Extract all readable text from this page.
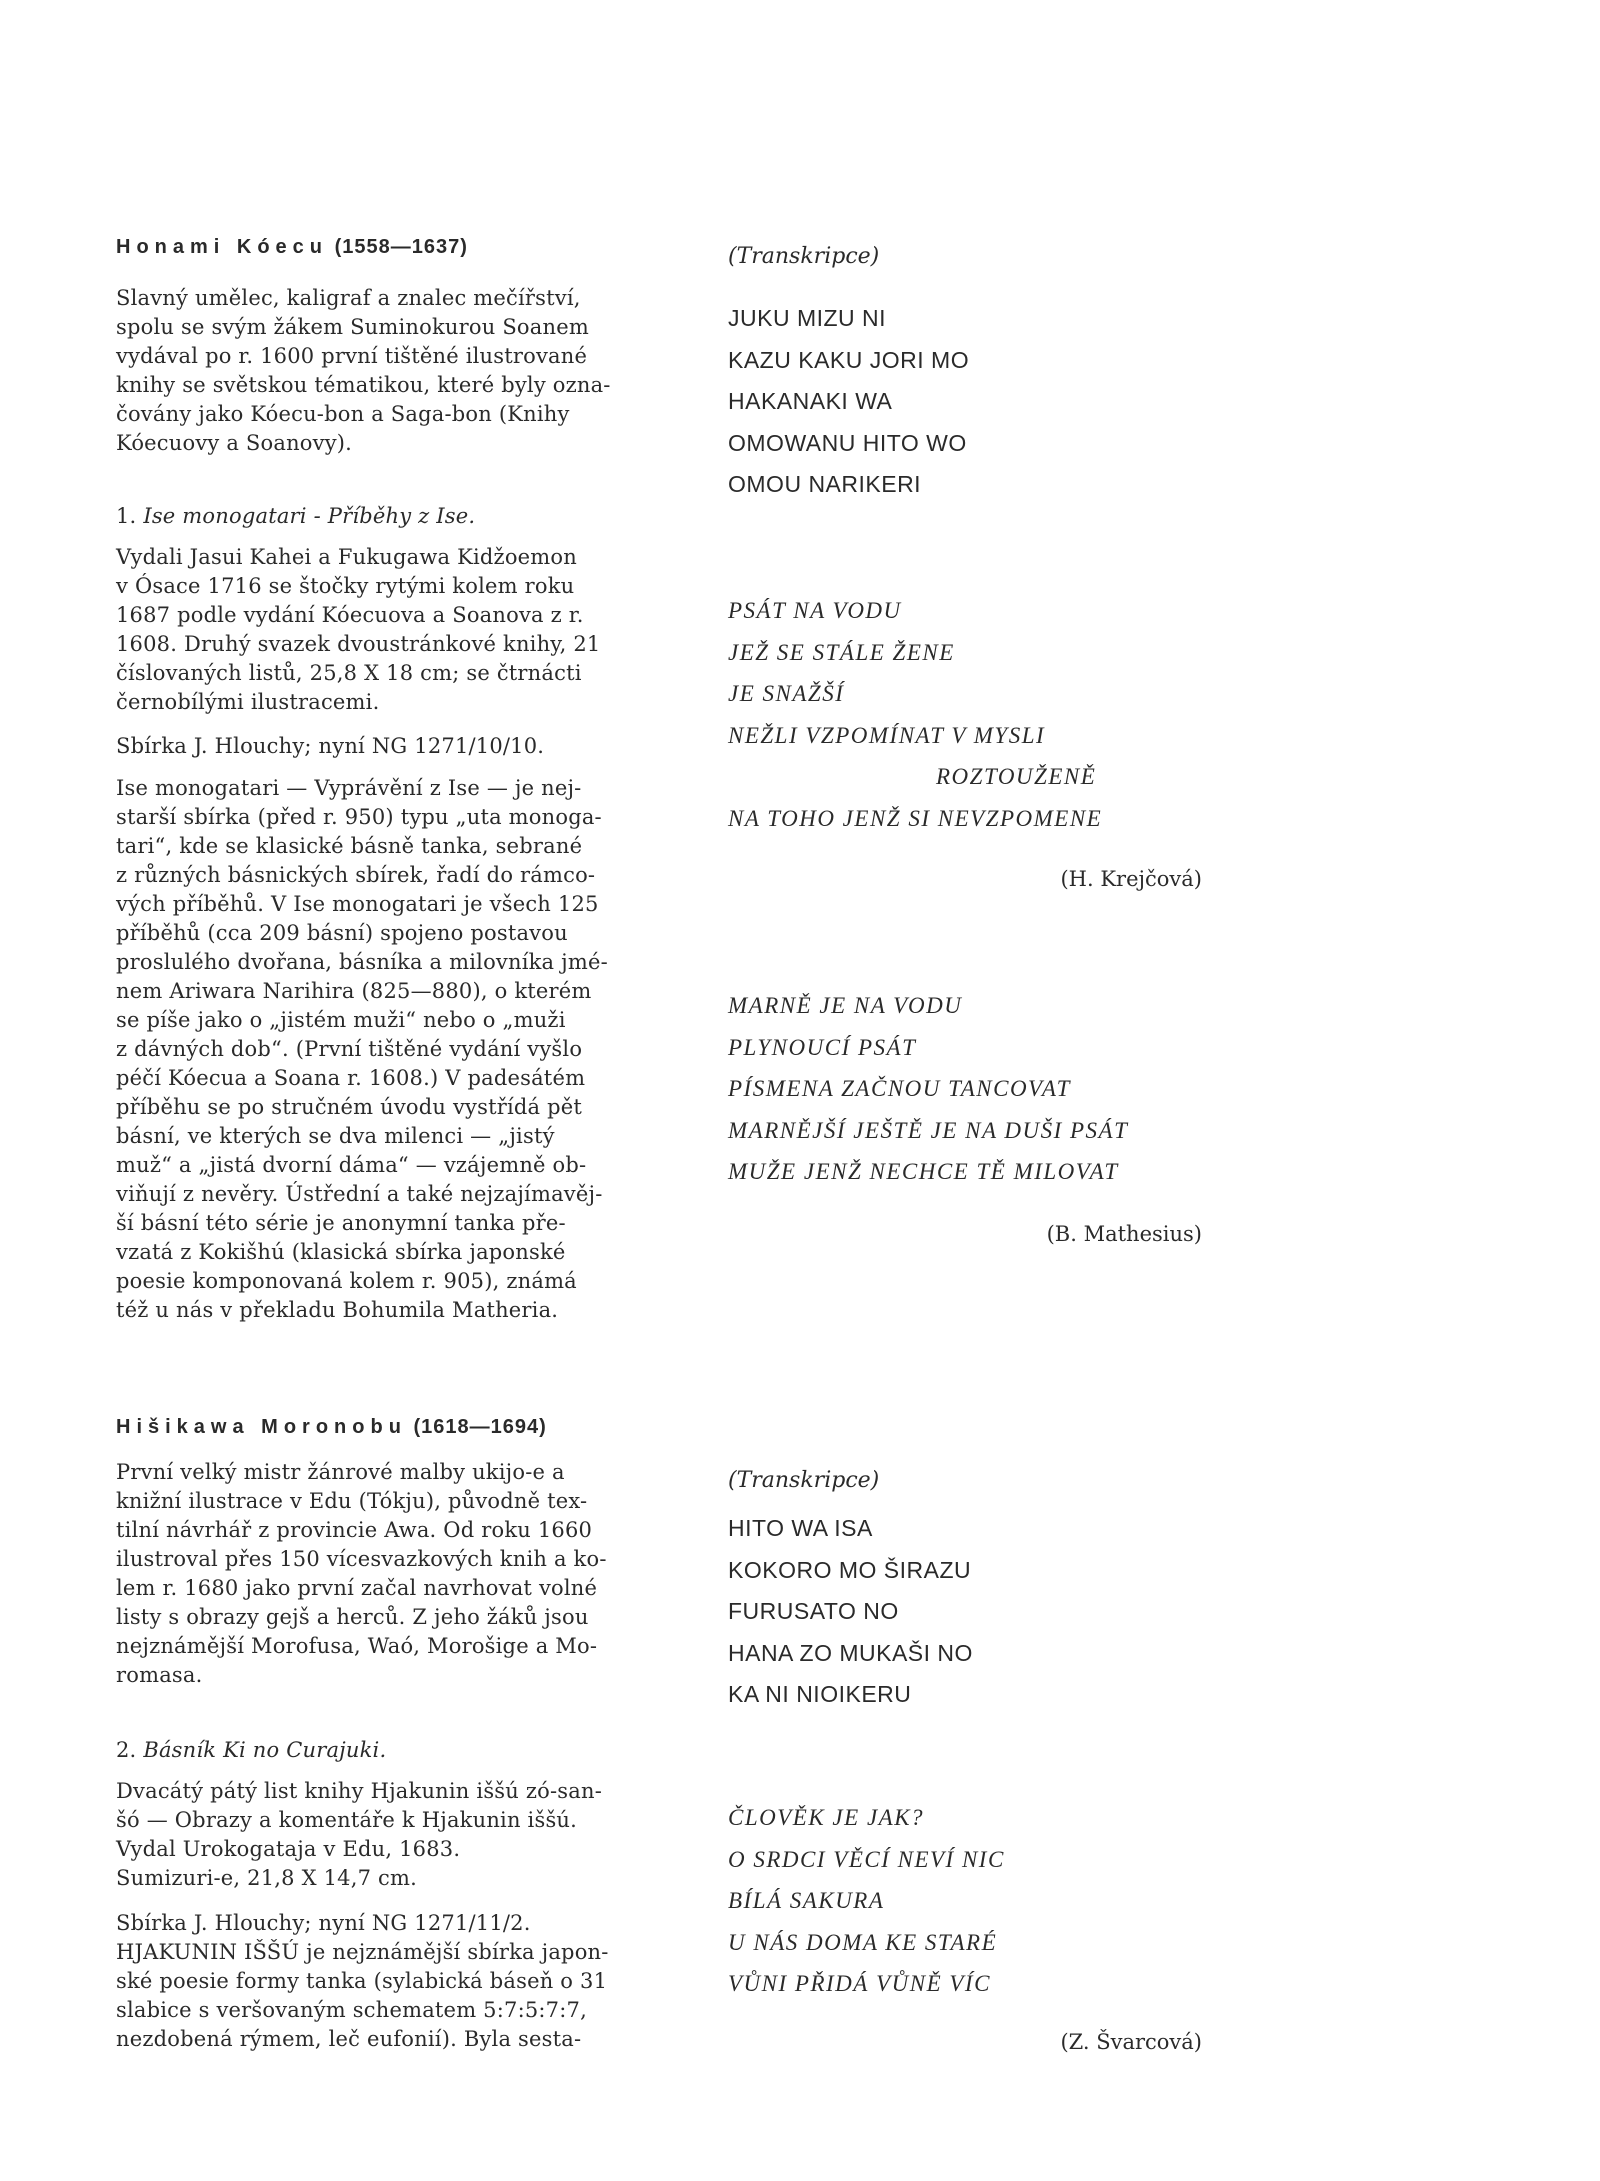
Honami Kóecu (1558—1637)
Slavný umělec, kaligraf a znalec mečířství,
spolu se svým žákem Suminokurou Soanem
vydával po r. 1600 první tištěné ilustrované
knihy se světskou tématikou, které byly ozna-
čovány jako Kóecu-bon a Saga-bon (Knihy
Kóecuovy a Soanovy).
1. Ise monogatari - Příběhy z Ise.
Vydali Jasui Kahei a Fukugawa Kidžoemon
v Ósace 1716 se štočky rytými kolem roku
1687 podle vydání Kóecuova a Soanova z r.
1608. Druhý svazek dvoustránkové knihy, 21
číslovaných listů, 25,8 X 18 cm; se čtrnácti
černobílými ilustracemi.
Sbírka J. Hlouchy; nyní NG 1271/10/10.
Ise monogatari — Vyprávění z Ise — je nej-
starší sbírka (před r. 950) typu „uta monoga-
tari“, kde se klasické básně tanka, sebrané
z různých básnických sbírek, řadí do rámco-
vých příběhů. V Ise monogatari je všech 125
příběhů (cca 209 básní) spojeno postavou
proslulého dvořana, básníka a milovníka jmé-
nem Ariwara Narihira (825—880), o kterém
se píše jako o „jistém muži“ nebo o „muži
z dávných dob“. (První tištěné vydání vyšlo
péčí Kóecua a Soana r. 1608.) V padesátém
příběhu se po stručném úvodu vystřídá pět
básní, ve kterých se dva milenci — „jistý
muž“ a „jistá dvorní dáma“ — vzájemně ob-
viňují z nevěry. Ústřední a také nejzajímavěj-
ší básní této série je anonymní tanka pře-
vzatá z Kokišhú (klasická sbírka japonské
poesie komponovaná kolem r. 905), známá
též u nás v překladu Bohumila Matheria.
(Transkripce)
JUKU MIZU NI
KAZU KAKU JORI MO
HAKANAKI WA
OMOWANU HITO WO
OMOU NARIKERI
PSÁT NA VODU
JEŽ SE STÁLE ŽENE
JE SNAŽŠÍ
NEŽLI VZPOMÍNAT V MYSLI
ROZTOUŽENĚ
NA TOHO JENŽ SI NEVZPOMENE
(H. Krejčová)
MARNĚ JE NA VODU
PLYNOUCÍ PSÁT
PÍSMENA ZAČNOU TANCOVAT
MARNĚJŠÍ JEŠTĚ JE NA DUŠI PSÁT
MUŽE JENŽ NECHCE TĚ MILOVAT
(B. Mathesius)
Hišikawa Moronobu (1618—1694)
První velký mistr žánrové malby ukijo-e a
knižní ilustrace v Edu (Tókju), původně tex-
tilní návrhář z provincie Awa. Od roku 1660
ilustroval přes 150 vícesvazkových knih a ko-
lem r. 1680 jako první začal navrhovat volné
listy s obrazy gejš a herců. Z jeho žáků jsou
nejznámější Morofusa, Waó, Morošige a Mo-
romasa.
2. Básník Ki no Curajuki.
Dvacátý pátý list knihy Hjakunin iššú zó-san-
šó — Obrazy a komentáře k Hjakunin iššú.
Vydal Urokogataja v Edu, 1683.
Sumizuri-e, 21,8 X 14,7 cm.
Sbírka J. Hlouchy; nyní NG 1271/11/2.
HJAKUNIN IŠŠÚ je nejznámější sbírka japon-
ské poesie formy tanka (sylabická báseň o 31
slabice s veršovaným schematem 5:7:5:7:7,
nezdobená rýmem, leč eufonií). Byla sesta-
(Transkripce)
HITO WA ISA
KOKORO MO ŠIRAZU
FURUSATO NO
HANA ZO MUKAŠI NO
KA NI NIOIKERU
ČLOVĚK JE JAK?
O SRDCI VĚCÍ NEVÍ NIC
BÍLÁ SAKURA
U NÁS DOMA KE STARÉ
VŮNI PŘIDÁ VŮNĚ VÍC
(Z. Švarcová)
